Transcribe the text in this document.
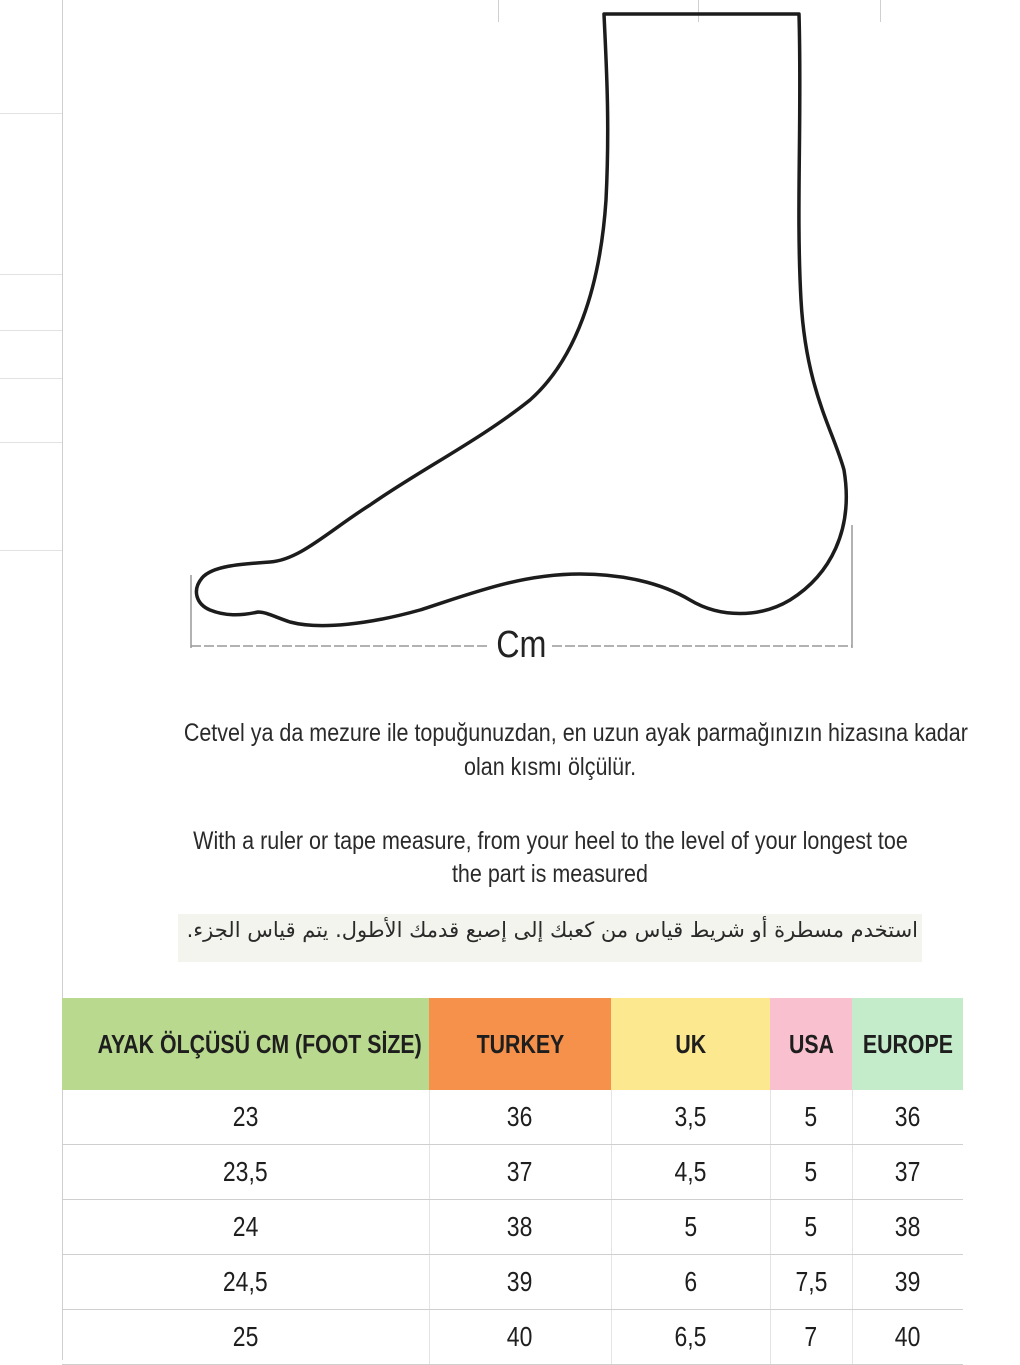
Cm
Cetvel ya da mezure ile topuğunuzdan, en uzun ayak parmağınızın hizasına kadar
olan kısmı ölçülür.
With a ruler or tape measure, from your heel to the level of your longest toe
the part is measured
استخدم مسطرة أو شريط قياس من كعبك إلى إصبع قدمك الأطول. يتم قياس الجزء.
AYAK ÖLÇÜSÜ CM (FOOT SİZE)	TURKEY	UK	USA	EUROPE
23	36	3,5	5	36
23,5	37	4,5	5	37
24	38	5	5	38
24,5	39	6	7,5	39
25	40	6,5	7	40
